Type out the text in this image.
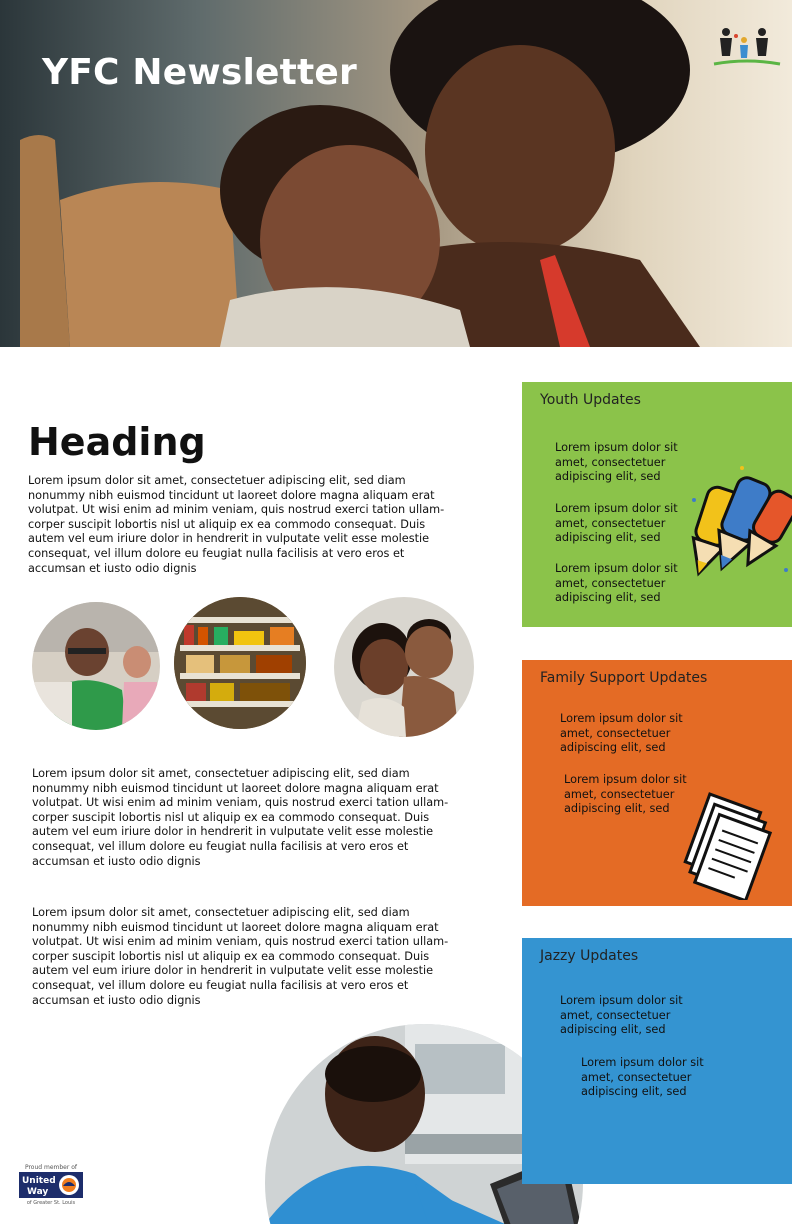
YFC Newsletter
Heading
Lorem ipsum dolor sit amet, consectetuer adipiscing elit, sed diam nonummy nibh euismod tincidunt ut laoreet dolore magna aliquam erat volutpat. Ut wisi enim ad minim veniam, quis nostrud exerci tation ullam-corper suscipit lobortis nisl ut aliquip ex ea commodo consequat. Duis autem vel eum iriure dolor in hendrerit in vulputate velit esse molestie consequat, vel illum dolore eu feugiat nulla facilisis at vero eros et accumsan et iusto odio dignis
Lorem ipsum dolor sit amet, consectetuer adipiscing elit, sed diam nonummy nibh euismod tincidunt ut laoreet dolore magna aliquam erat volutpat. Ut wisi enim ad minim veniam, quis nostrud exerci tation ullam-corper suscipit lobortis nisl ut aliquip ex ea commodo consequat. Duis autem vel eum iriure dolor in hendrerit in vulputate velit esse molestie consequat, vel illum dolore eu feugiat nulla facilisis at vero eros et accumsan et iusto odio dignis
Lorem ipsum dolor sit amet, consectetuer adipiscing elit, sed diam nonummy nibh euismod tincidunt ut laoreet dolore magna aliquam erat volutpat. Ut wisi enim ad minim veniam, quis nostrud exerci tation ullam-corper suscipit lobortis nisl ut aliquip ex ea commodo consequat. Duis autem vel eum iriure dolor in hendrerit in vulputate velit esse molestie consequat, vel illum dolore eu feugiat nulla facilisis at vero eros et accumsan et iusto odio dignis
Youth Updates
Lorem ipsum dolor sit amet, consectetuer adipiscing elit, sed
Lorem ipsum dolor sit amet, consectetuer adipiscing elit, sed
Lorem ipsum dolor sit amet, consectetuer adipiscing elit, sed
Family Support Updates
Lorem ipsum dolor sit amet, consectetuer adipiscing elit, sed
Lorem ipsum dolor sit amet, consectetuer adipiscing elit, sed
Jazzy Updates
Lorem ipsum dolor sit amet, consectetuer adipiscing elit, sed
Lorem ipsum dolor sit amet, consectetuer adipiscing elit, sed
Proud member of
United
Way
of Greater St. Louis
